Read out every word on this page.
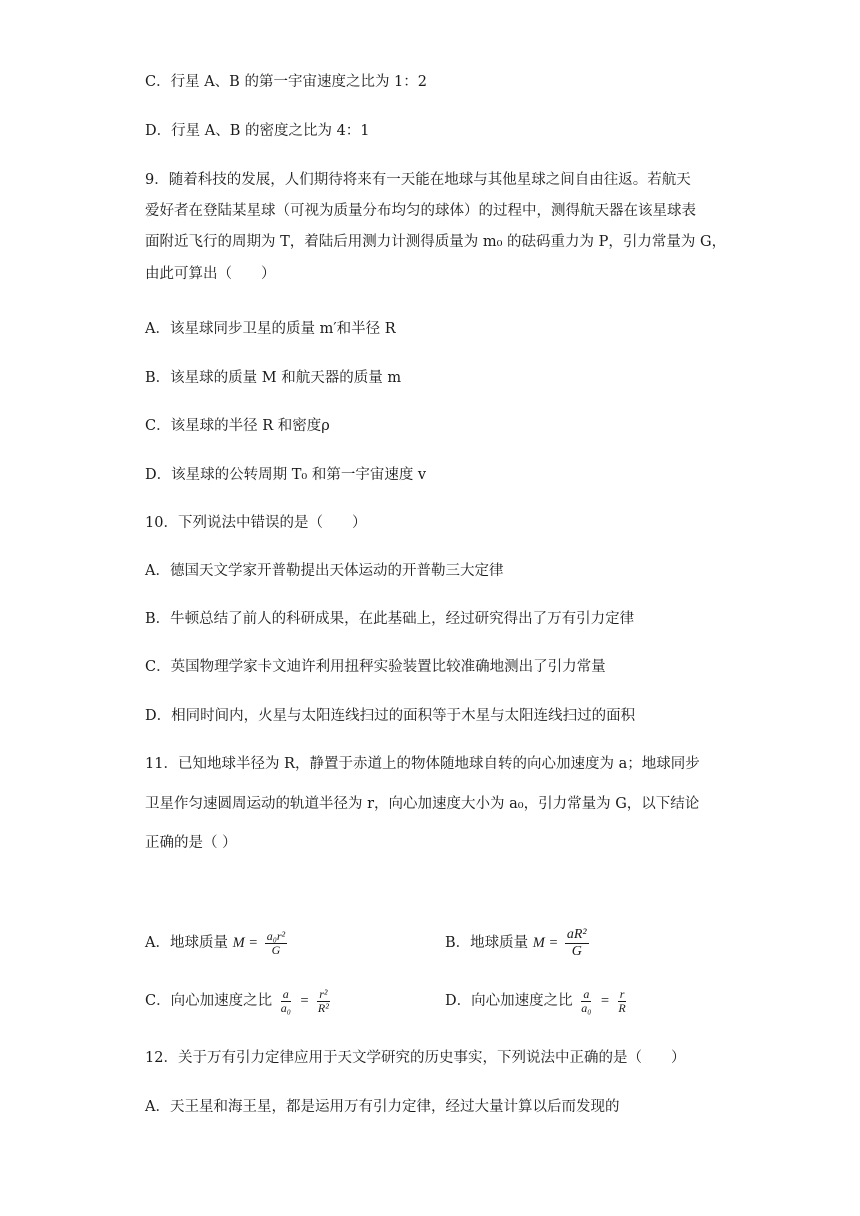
C．行星 A、B 的第一宇宙速度之比为 1：2
D．行星 A、B 的密度之比为 4：1
9．随着科技的发展，人们期待将来有一天能在地球与其他星球之间自由往返。若航天
爱好者在登陆某星球（可视为质量分布均匀的球体）的过程中，测得航天器在该星球表
面附近飞行的周期为 T，着陆后用测力计测得质量为 m₀ 的砝码重力为 P，引力常量为 G，
由此可算出（　　）
A．该星球同步卫星的质量 m′和半径 R
B．该星球的质量 M 和航天器的质量 m
C．该星球的半径 R 和密度ρ
D．该星球的公转周期 T₀ 和第一宇宙速度 v
10．下列说法中错误的是（　　）
A．德国天文学家开普勒提出天体运动的开普勒三大定律
B．牛顿总结了前人的科研成果，在此基础上，经过研究得出了万有引力定律
C．英国物理学家卡文迪许利用扭秤实验装置比较准确地测出了引力常量
D．相同时间内，火星与太阳连线扫过的面积等于木星与太阳连线扫过的面积
11．已知地球半径为 R，静置于赤道上的物体随地球自转的向心加速度为 a；地球同步
卫星作匀速圆周运动的轨道半径为 r，向心加速度大小为 a₀，引力常量为 G，以下结论
正确的是（ ）
A．地球质量 $M = \frac{\text{a₀r²}}{G}$	B．地球质量 $M = \frac{\text{aR²}}{G}$
C．向心加速度之比 $\frac{a}{\text{a₀}} = \frac{\text{r²}}{\text{R²}}$	D．向心加速度之比 $\frac{a}{\text{a₀}} = \frac{r}{R}$
12．关于万有引力定律应用于天文学研究的历史事实，下列说法中正确的是（　　）
A．天王星和海王星，都是运用万有引力定律，经过大量计算以后而发现的
